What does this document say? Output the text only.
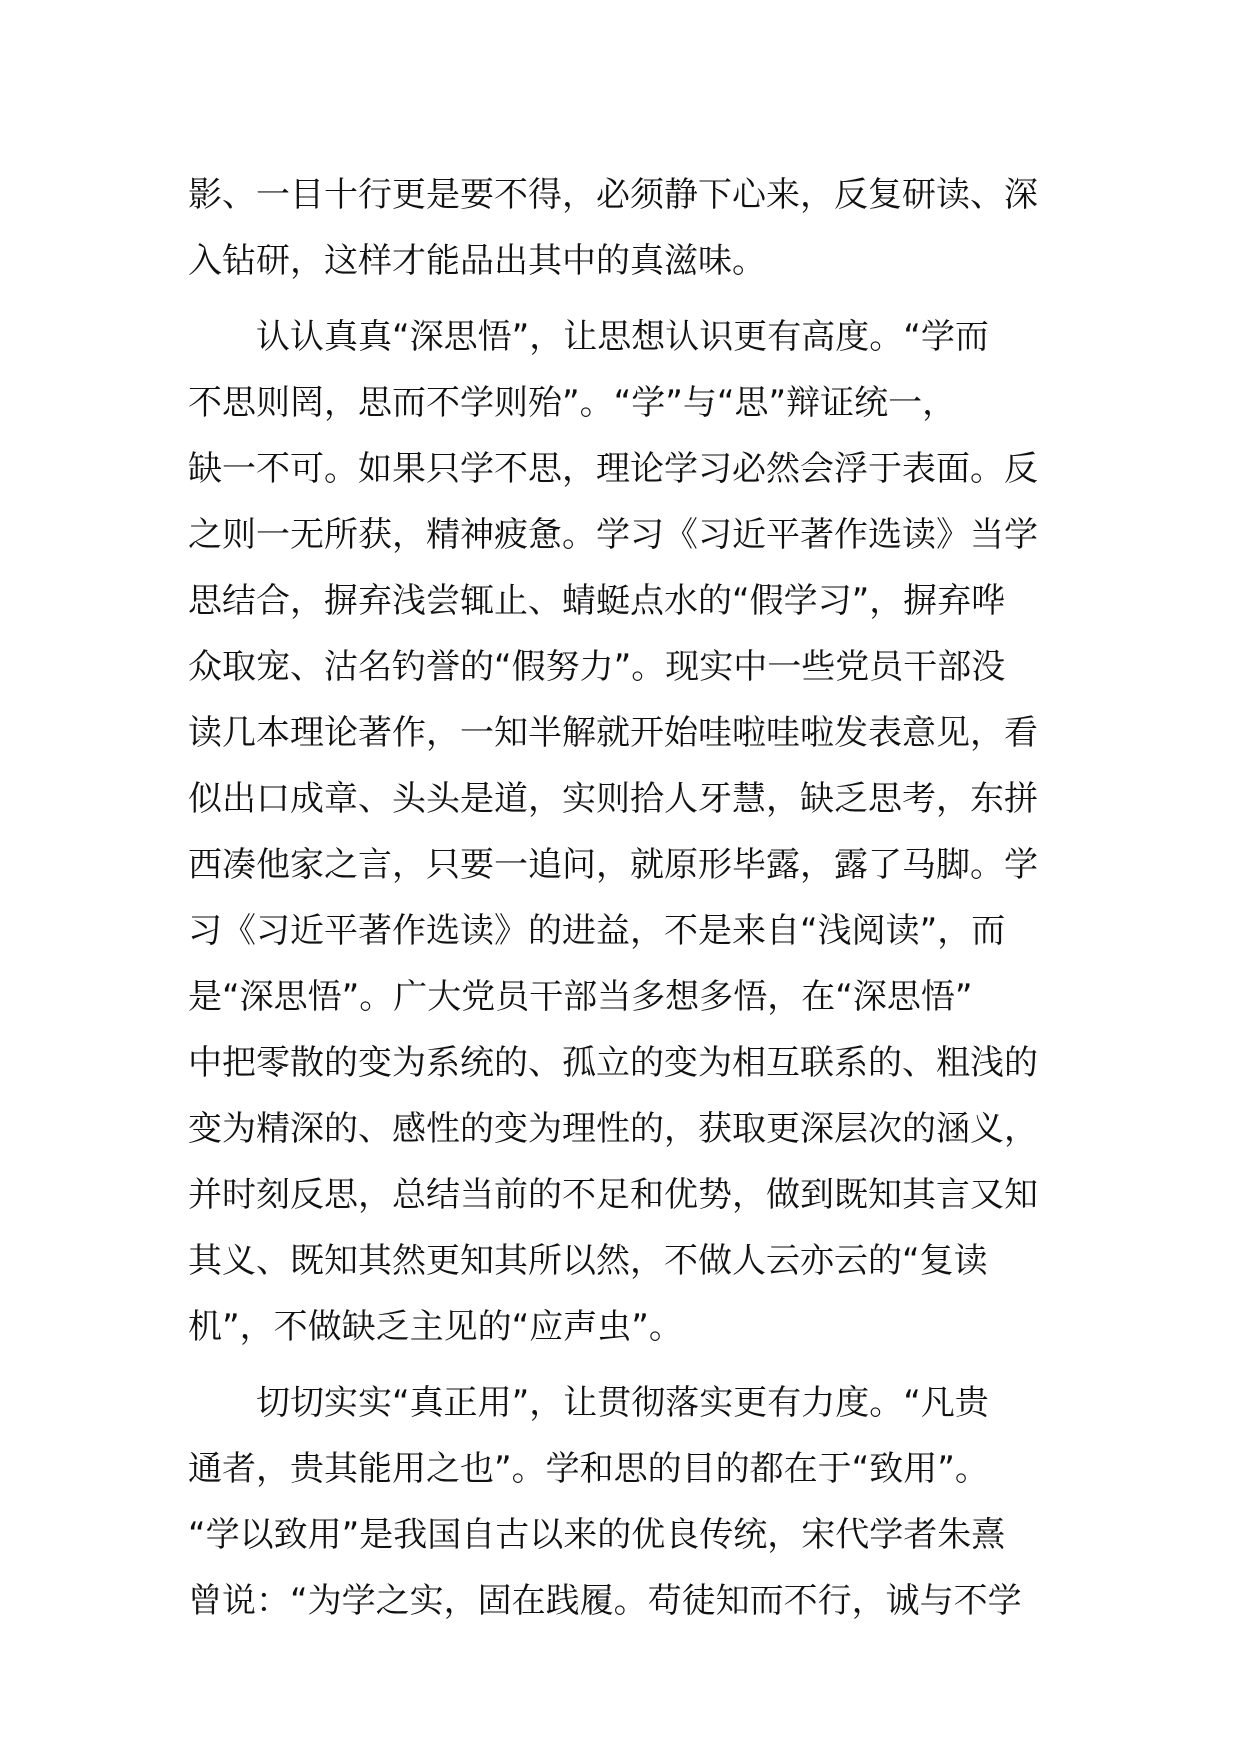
影、一目十行更是要不得，必须静下心来，反复研读、深
入钻研，这样才能品出其中的真滋味。
　　认认真真“深思悟”，让思想认识更有高度。“学而
不思则罔，思而不学则殆”。“学”与“思”辩证统一，
缺一不可。如果只学不思，理论学习必然会浮于表面。反
之则一无所获，精神疲惫。学习《习近平著作选读》当学
思结合，摒弃浅尝辄止、蜻蜓点水的“假学习”，摒弃哗
众取宠、沽名钓誉的“假努力”。现实中一些党员干部没
读几本理论著作，一知半解就开始哇啦哇啦发表意见，看
似出口成章、头头是道，实则拾人牙慧，缺乏思考，东拼
西凑他家之言，只要一追问，就原形毕露，露了马脚。学
习《习近平著作选读》的进益，不是来自“浅阅读”，而
是“深思悟”。广大党员干部当多想多悟，在“深思悟”
中把零散的变为系统的、孤立的变为相互联系的、粗浅的
变为精深的、感性的变为理性的，获取更深层次的涵义，
并时刻反思，总结当前的不足和优势，做到既知其言又知
其义、既知其然更知其所以然，不做人云亦云的“复读
机”，不做缺乏主见的“应声虫”。
　　切切实实“真正用”，让贯彻落实更有力度。“凡贵
通者，贵其能用之也”。学和思的目的都在于“致用”。
“学以致用”是我国自古以来的优良传统，宋代学者朱熹
曾说：“为学之实，固在践履。苟徒知而不行，诚与不学
